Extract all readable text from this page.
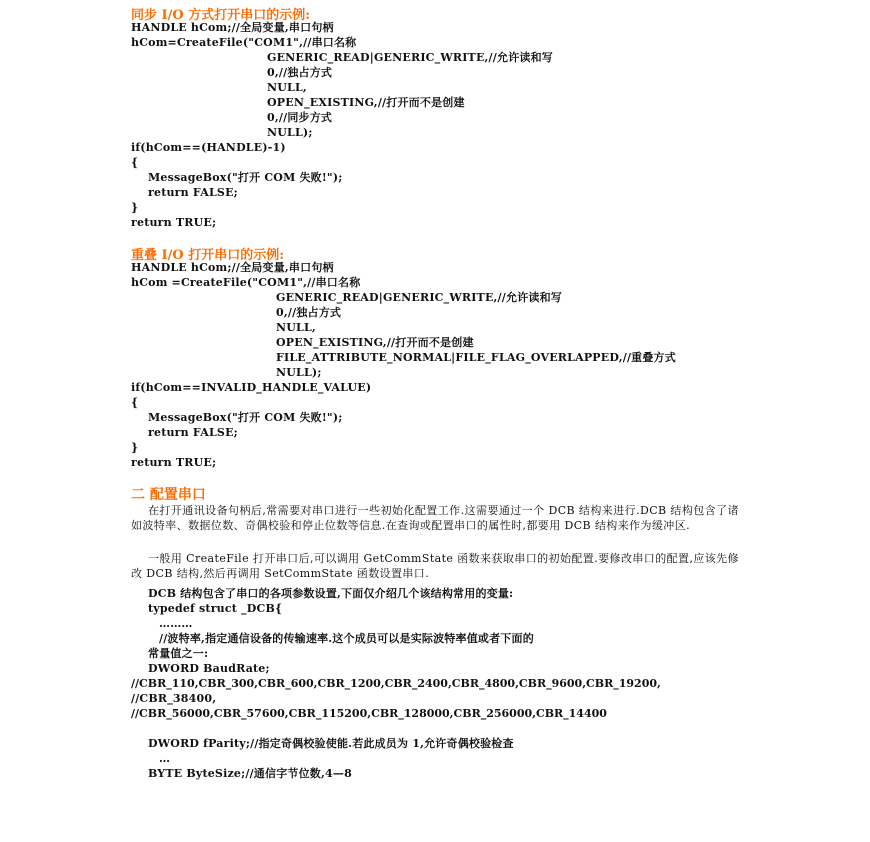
同步 I/O 方式打开串口的示例:
HANDLE hCom;//全局变量,串口句柄
hCom=CreateFile("COM1",//串口名称
GENERIC_READ|GENERIC_WRITE,//允许读和写
0,//独占方式
NULL,
OPEN_EXISTING,//打开而不是创建
0,//同步方式
NULL);
if(hCom==(HANDLE)-1)
{
MessageBox("打开 COM 失败!");
return FALSE;
}
return TRUE;
重叠 I/O 打开串口的示例:
HANDLE hCom;//全局变量,串口句柄
hCom =CreateFile("COM1",//串口名称
GENERIC_READ|GENERIC_WRITE,//允许读和写
0,//独占方式
NULL,
OPEN_EXISTING,//打开而不是创建
FILE_ATTRIBUTE_NORMAL|FILE_FLAG_OVERLAPPED,//重叠方式
NULL);
if(hCom==INVALID_HANDLE_VALUE)
{
MessageBox("打开 COM 失败!");
return FALSE;
}
return TRUE;
二 配置串口
在打开通讯设备句柄后,常需要对串口进行一些初始化配置工作.这需要通过一个 DCB 结构来进行.DCB 结构包含了诸如波特率、数据位数、奇偶校验和停止位数等信息.在查询或配置串口的属性时,都要用 DCB 结构来作为缓冲区.
一般用 CreateFile 打开串口后,可以调用 GetCommState 函数来获取串口的初始配置.要修改串口的配置,应该先修改 DCB 结构,然后再调用 SetCommState 函数设置串口.
DCB 结构包含了串口的各项参数设置,下面仅介绍几个该结构常用的变量:
typedef struct _DCB{
………
//波特率,指定通信设备的传输速率.这个成员可以是实际波特率值或者下面的
常量值之一:
DWORD BaudRate;
//CBR_110,CBR_300,CBR_600,CBR_1200,CBR_2400,CBR_4800,CBR_9600,CBR_19200,
//CBR_38400,
//CBR_56000,CBR_57600,CBR_115200,CBR_128000,CBR_256000,CBR_14400
DWORD fParity;//指定奇偶校验使能.若此成员为 1,允许奇偶校验检查
…
BYTE ByteSize;//通信字节位数,4—8
